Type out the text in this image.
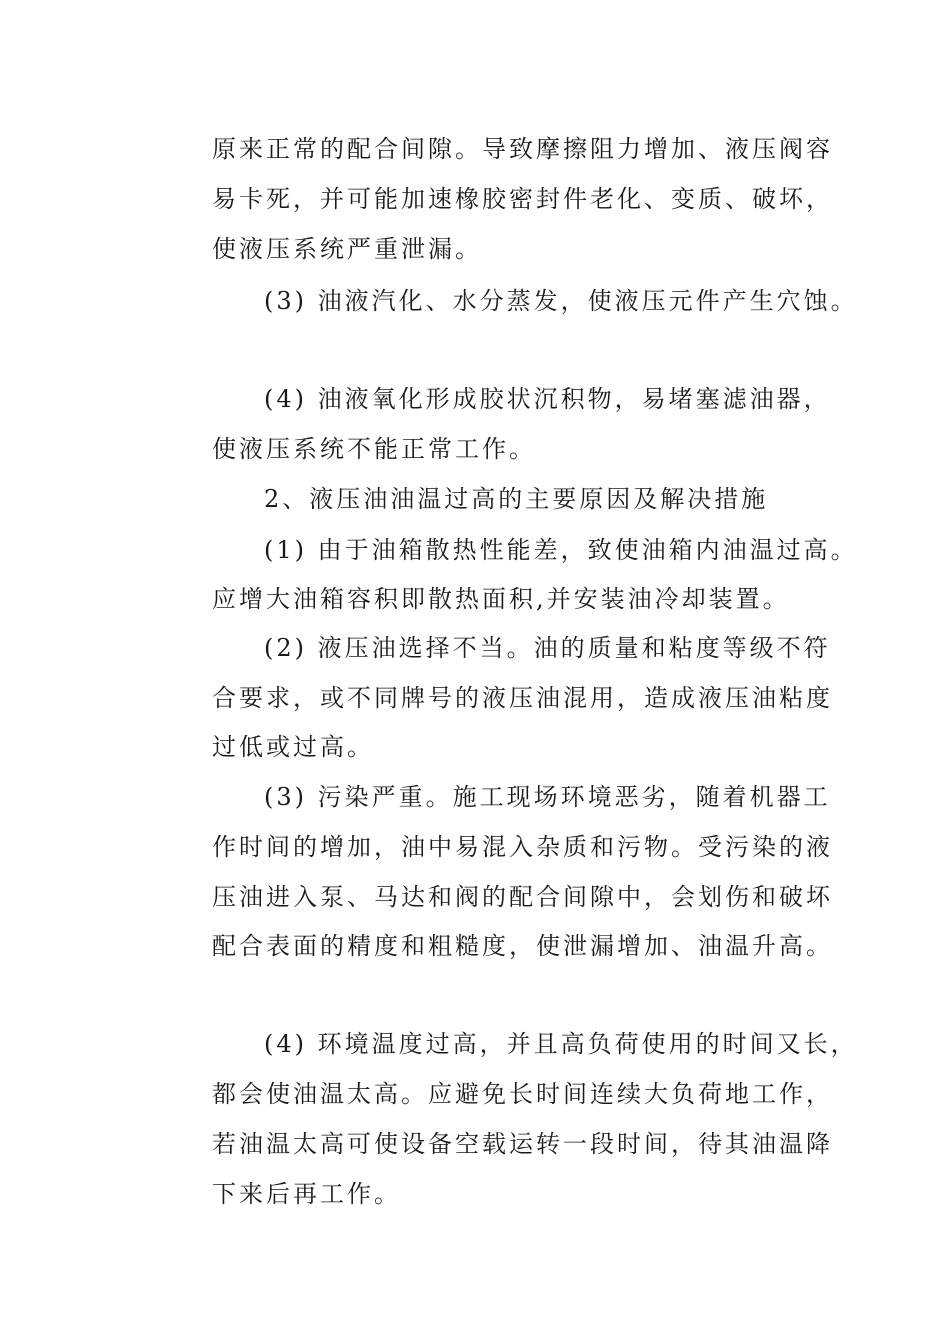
原来正常的配合间隙。导致摩擦阻力增加、液压阀容
易卡死，并可能加速橡胶密封件老化、变质、破坏，
使液压系统严重泄漏。
(3) 油液汽化、水分蒸发，使液压元件产生穴蚀。
(4) 油液氧化形成胶状沉积物，易堵塞滤油器，
使液压系统不能正常工作。
2、液压油油温过高的主要原因及解决措施
(1) 由于油箱散热性能差，致使油箱内油温过高。
应增大油箱容积即散热面积,并安装油冷却装置。
(2) 液压油选择不当。油的质量和粘度等级不符
合要求，或不同牌号的液压油混用，造成液压油粘度
过低或过高。
(3) 污染严重。施工现场环境恶劣，随着机器工
作时间的增加，油中易混入杂质和污物。受污染的液
压油进入泵、马达和阀的配合间隙中，会划伤和破坏
配合表面的精度和粗糙度，使泄漏增加、油温升高。
(4) 环境温度过高，并且高负荷使用的时间又长，
都会使油温太高。应避免长时间连续大负荷地工作，
若油温太高可使设备空载运转一段时间，待其油温降
下来后再工作。
